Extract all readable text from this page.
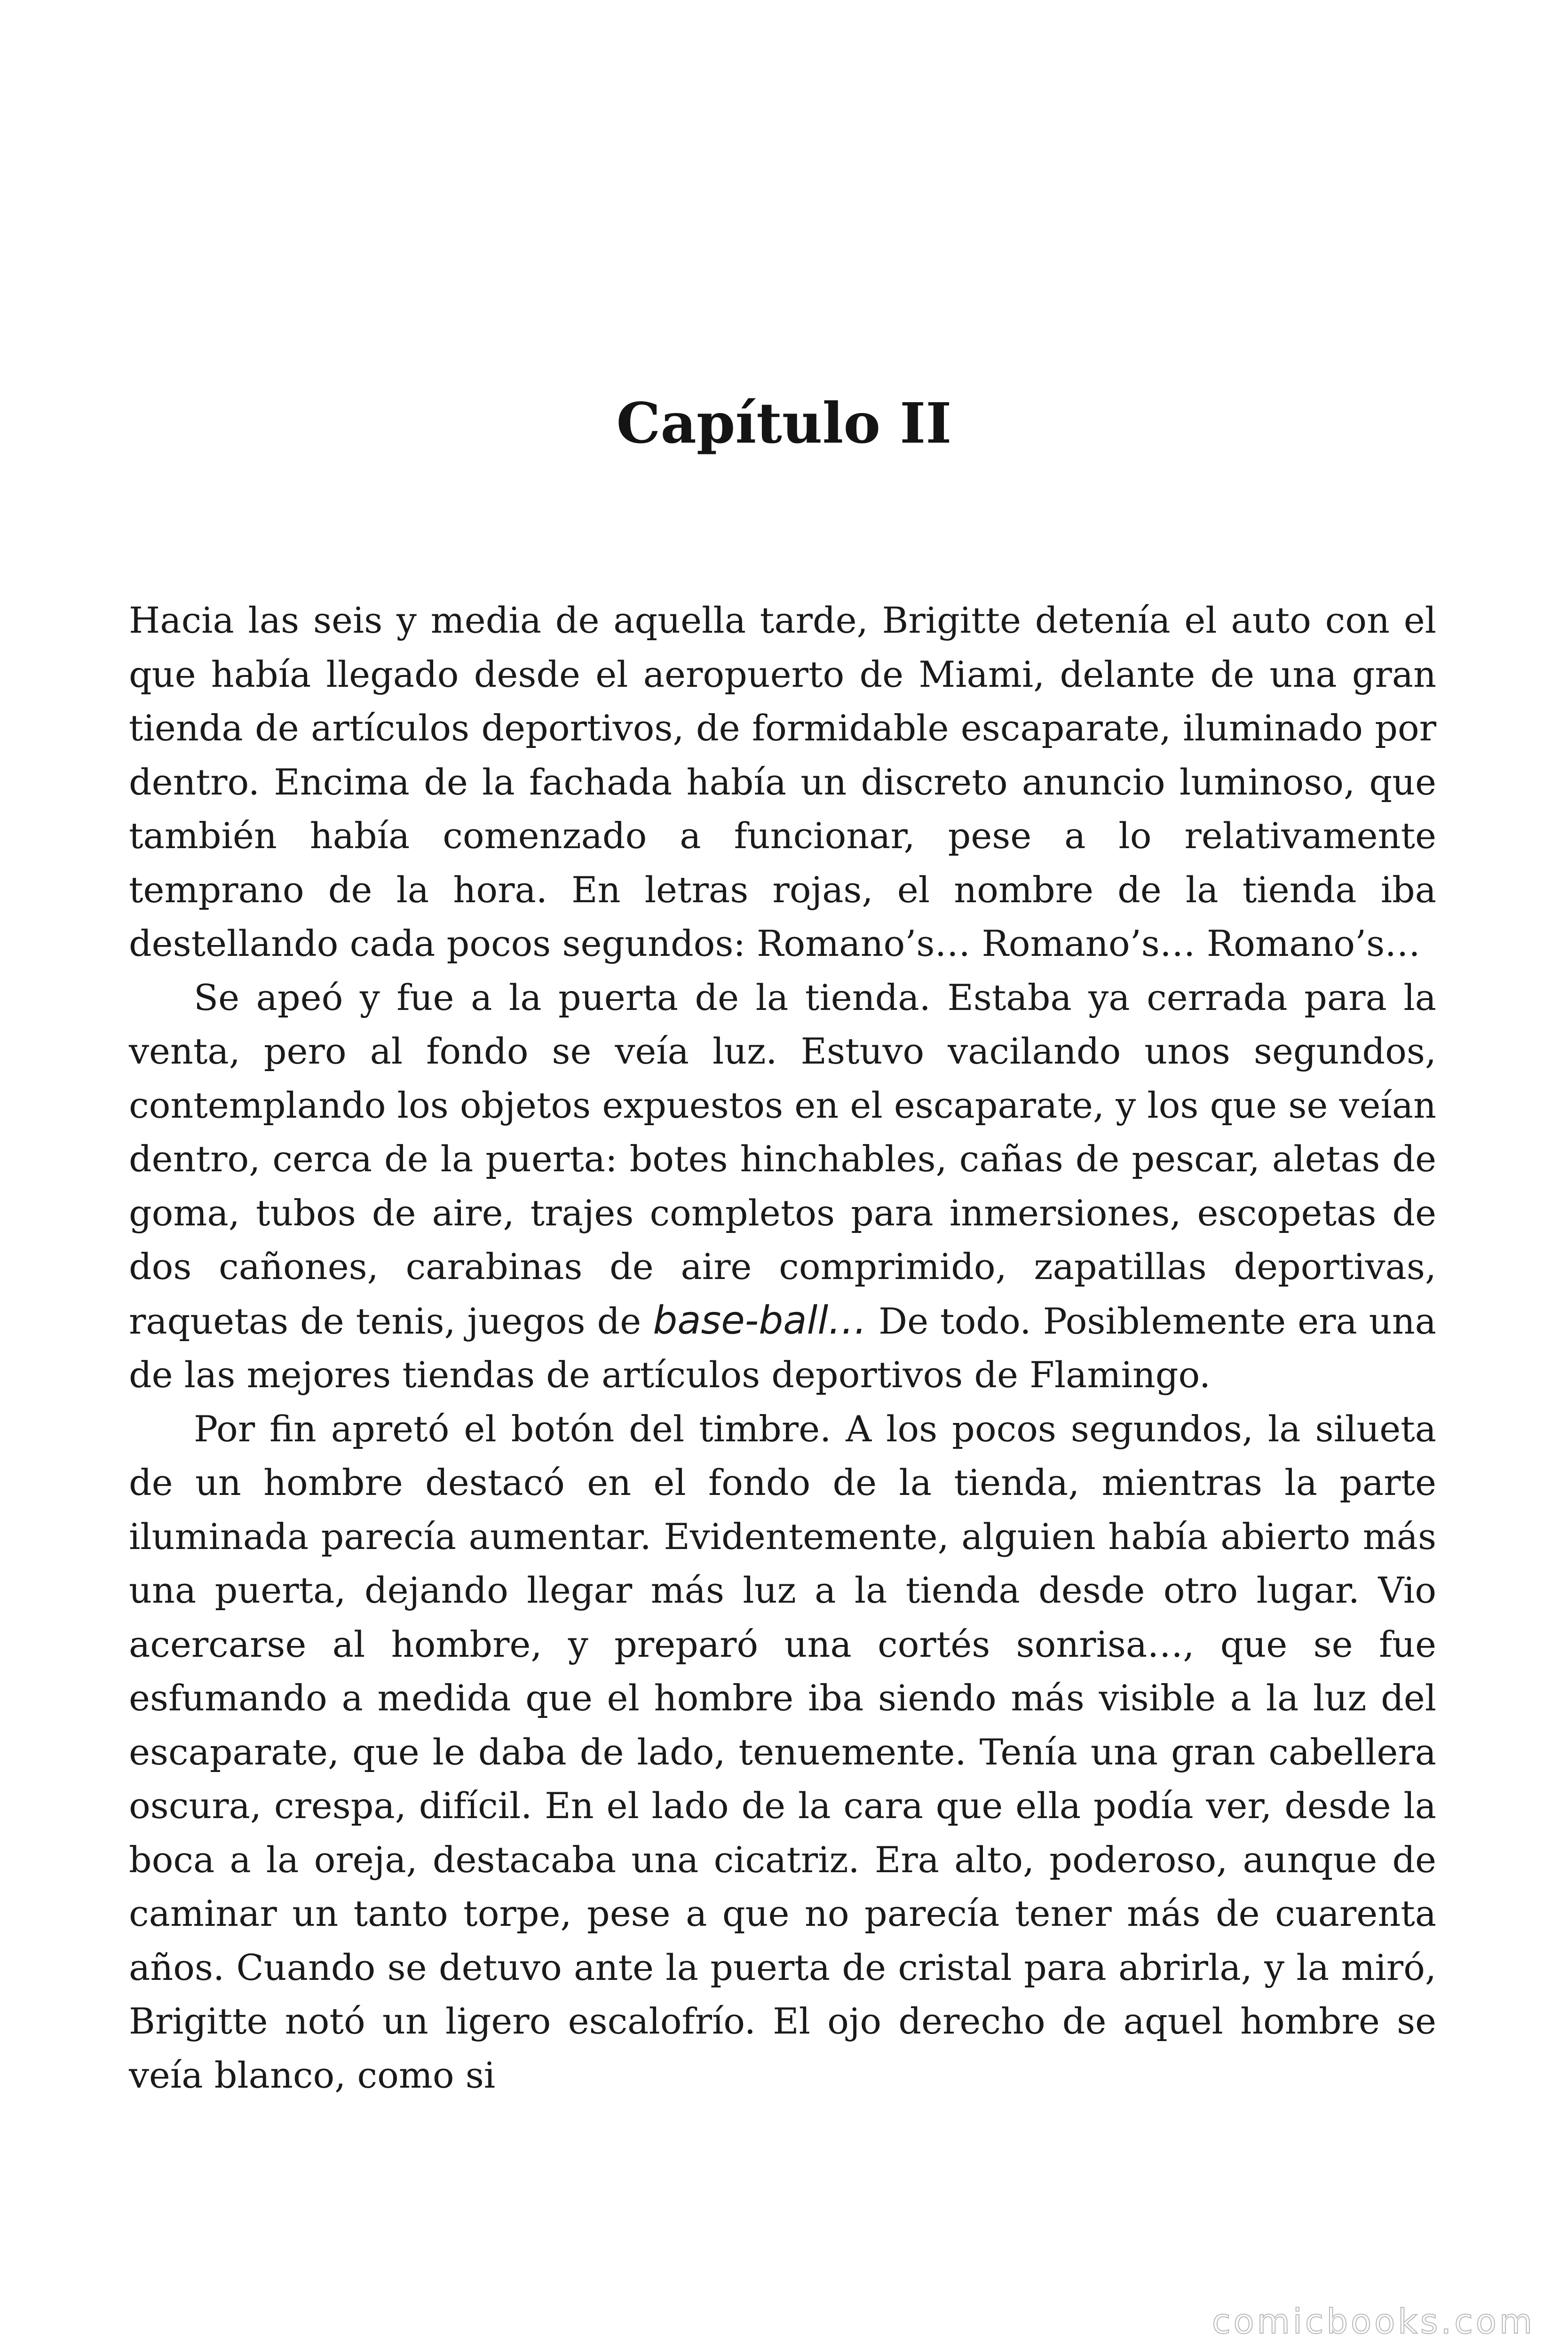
Capítulo II

Hacia las seis y media de aquella tarde, Brigitte detenía el auto con el que había llegado desde el aeropuerto de Miami, delante de una gran tienda de artículos deportivos, de formidable escaparate, iluminado por dentro. Encima de la fachada había un discreto anuncio luminoso, que también había comenzado a funcionar, pese a lo relativamente temprano de la hora. En letras rojas, el nombre de la tienda iba destellando cada pocos segundos: Romano’s… Romano’s… Romano’s…

Se apeó y fue a la puerta de la tienda. Estaba ya cerrada para la venta, pero al fondo se veía luz. Estuvo vacilando unos segundos, contemplando los objetos expuestos en el escaparate, y los que se veían dentro, cerca de la puerta: botes hinchables, cañas de pescar, aletas de goma, tubos de aire, trajes completos para inmersiones, escopetas de dos cañones, carabinas de aire comprimido, zapatillas deportivas, raquetas de tenis, juegos de base-ball… De todo. Posiblemente era una de las mejores tiendas de artículos deportivos de Flamingo.

Por fin apretó el botón del timbre. A los pocos segundos, la silueta de un hombre destacó en el fondo de la tienda, mientras la parte iluminada parecía aumentar. Evidentemente, alguien había abierto más una puerta, dejando llegar más luz a la tienda desde otro lugar. Vio acercarse al hombre, y preparó una cortés sonrisa…, que se fue esfumando a medida que el hombre iba siendo más visible a la luz del escaparate, que le daba de lado, tenuemente. Tenía una gran cabellera oscura, crespa, difícil. En el lado de la cara que ella podía ver, desde la boca a la oreja, destacaba una cicatriz. Era alto, poderoso, aunque de caminar un tanto torpe, pese a que no parecía tener más de cuarenta años. Cuando se detuvo ante la puerta de cristal para abrirla, y la miró, Brigitte notó un ligero escalofrío. El ojo derecho de aquel hombre se veía blanco, como si

comicbooks.com
